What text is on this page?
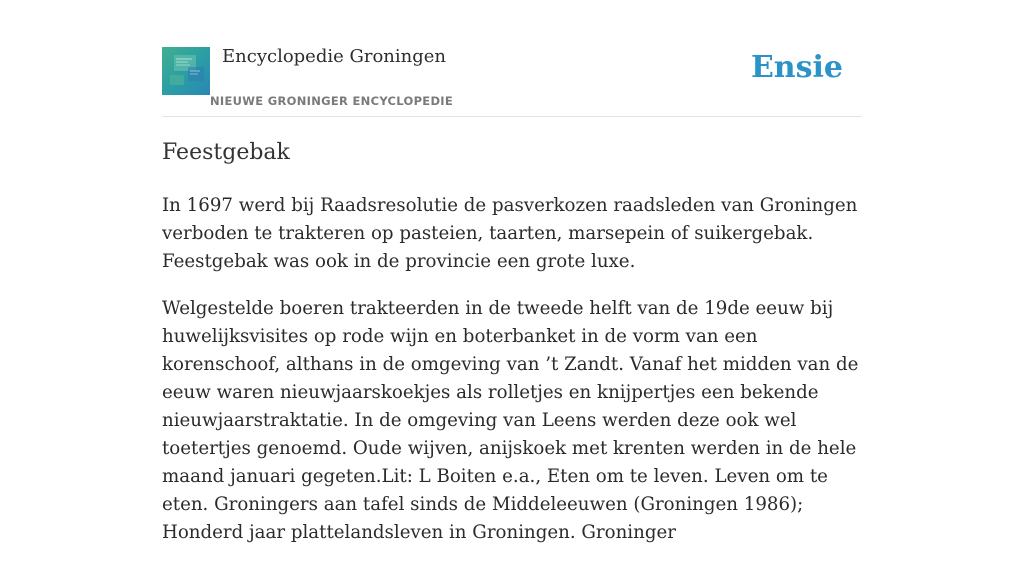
Encyclopedie Groningen
NIEUWE GRONINGER ENCYCLOPEDIE
Ensie
Feestgebak

In 1697 werd bij Raadsresolutie de pasverkozen raadsleden van Groningen verboden te trakteren op pasteien, taarten, marsepein of suikergebak. Feestgebak was ook in de provincie een grote luxe.

Welgestelde boeren trakteerden in de tweede helft van de 19de eeuw bij huwelijksvisites op rode wijn en boterbanket in de vorm van een korenschoof, althans in de omgeving van ’t Zandt. Vanaf het midden van de eeuw waren nieuwjaarskoekjes als rolletjes en knijpertjes een bekende nieuwjaarstraktatie. In de omgeving van Leens werden deze ook wel toetertjes genoemd. Oude wijven, anijskoek met krenten werden in de hele maand januari gegeten.Lit: L Boiten e.a., Eten om te leven. Leven om te eten. Groningers aan tafel sinds de Middeleeuwen (Groningen 1986); Honderd jaar plattelandsleven in Groningen. Groninger
